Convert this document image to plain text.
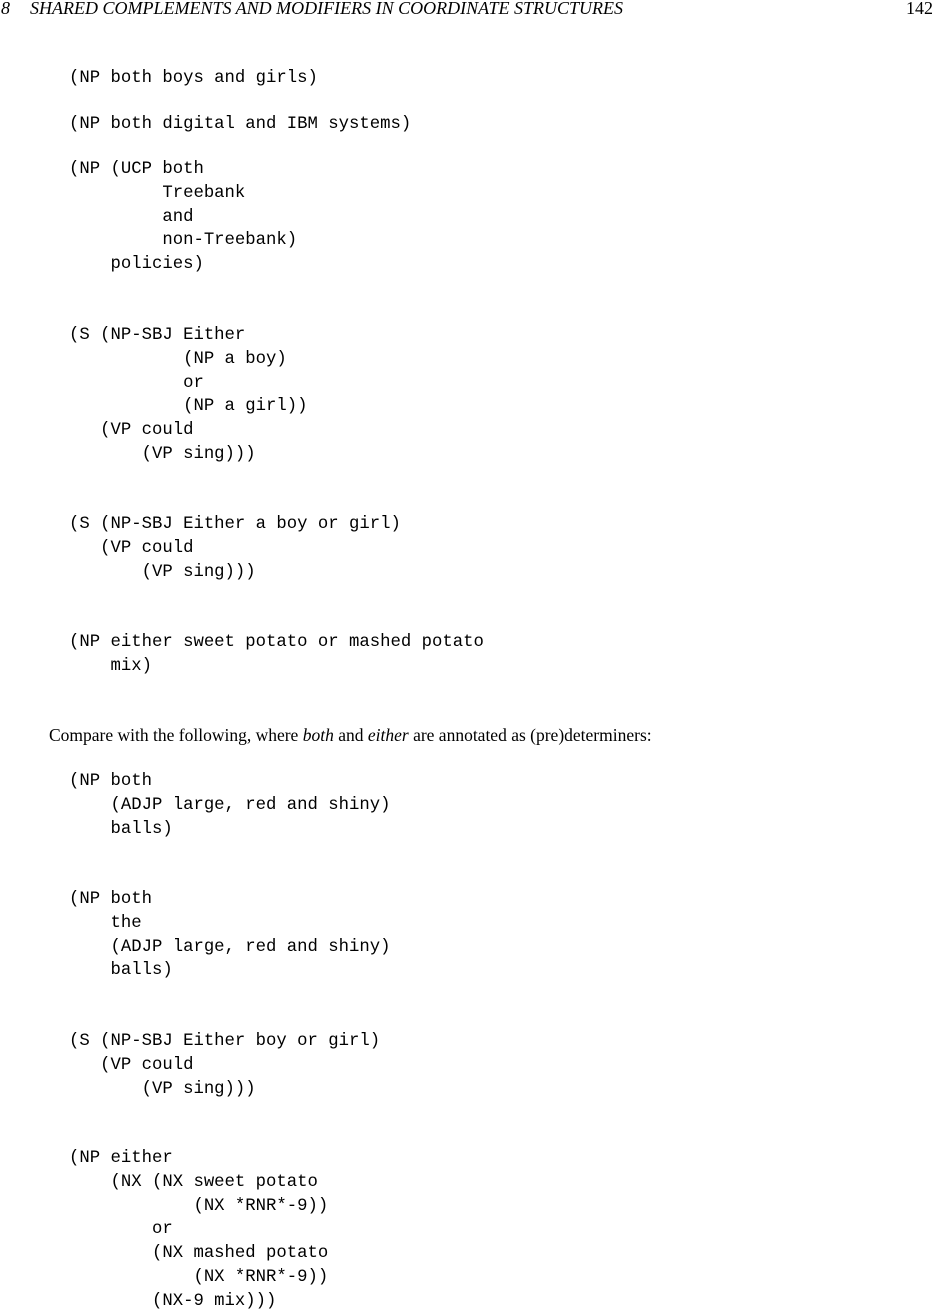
8 SHARED COMPLEMENTS AND MODIFIERS IN COORDINATE STRUCTURES	142
(NP both boys and girls)
(NP both digital and IBM systems)
(NP (UCP both
Treebank
and
non-Treebank)
policies)
(S (NP-SBJ Either
(NP a boy)
or
(NP a girl))
(VP could
(VP sing)))
(S (NP-SBJ Either a boy or girl)
(VP could
(VP sing)))
(NP either sweet potato or mashed potato
mix)

Compare with the following, where both and either are annotated as (pre)determiners:

(NP both
(ADJP large, red and shiny)
balls)
(NP both
the
(ADJP large, red and shiny)
balls)
(S (NP-SBJ Either boy or girl)
(VP could
(VP sing)))
(NP either
(NX (NX sweet potato
(NX *RNR*-9))
or
(NX mashed potato
(NX *RNR*-9))
(NX-9 mix)))
